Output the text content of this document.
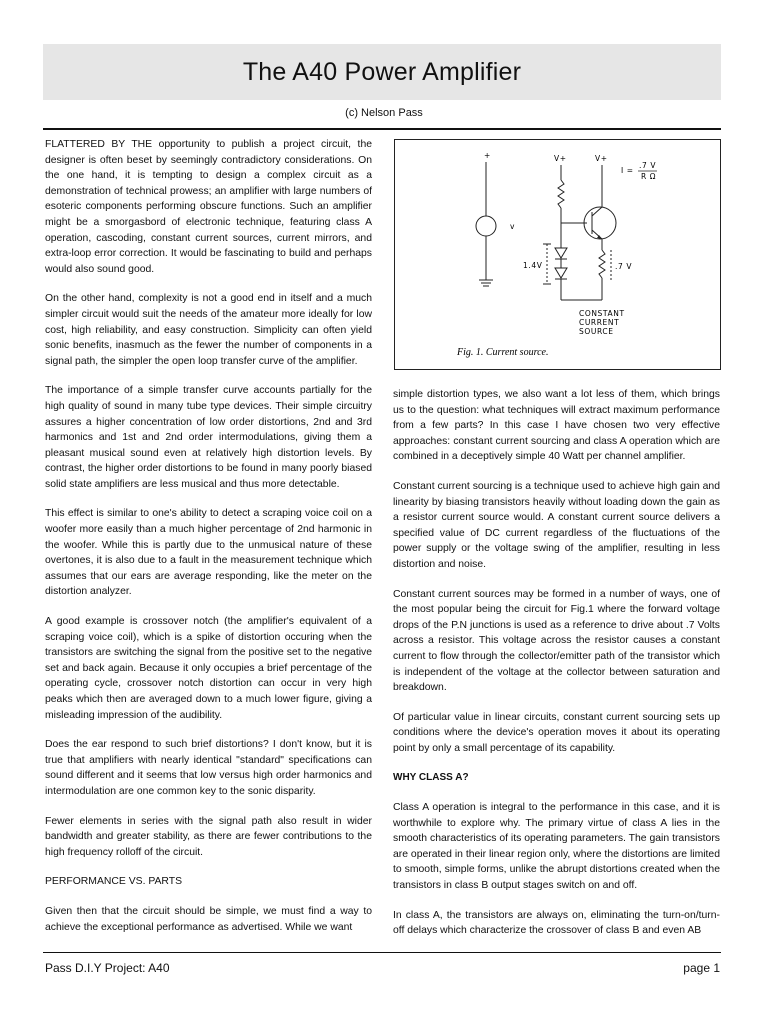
The A40 Power Amplifier
(c) Nelson Pass

FLATTERED BY THE opportunity to publish a project circuit, the designer is often beset by seemingly contradictory considerations. On the one hand, it is tempting to design a complex circuit as a demonstration of technical prowess; an amplifier with large numbers of esoteric components performing obscure functions. Such an amplifier might be a smorgasbord of electronic technique, featuring class A operation, cascoding, constant current sources, current mirrors, and extra-loop error correction. It would be fascinating to build and perhaps would also sound good.

On the other hand, complexity is not a good end in itself and a much simpler circuit would suit the needs of the amateur more ideally for low cost, high reliability, and easy construction. Simplicity can often yield sonic benefits, inasmuch as the fewer the number of components in a signal path, the simpler the open loop transfer curve of the amplifier.

The importance of a simple transfer curve accounts partially for the high quality of sound in many tube type devices. Their simple circuitry assures a higher concentration of low order distortions, 2nd and 3rd harmonics and 1st and 2nd order intermodulations, giving them a pleasant musical sound even at relatively high distortion levels. By contrast, the higher order distortions to be found in many poorly biased solid state amplifiers are less musical and thus more detectable.

This effect is similar to one's ability to detect a scraping voice coil on a woofer more easily than a much higher percentage of 2nd harmonic in the woofer. While this is partly due to the unmusical nature of these overtones, it is also due to a fault in the measurement technique which assumes that our ears are average responding, like the meter on the distortion analyzer.

A good example is crossover notch (the amplifier's equivalent of a scraping voice coil), which is a spike of distortion occuring when the transistors are switching the signal from the positive set to the negative set and back again. Because it only occupies a brief percentage of the operating cycle, crossover notch distortion can occur in very high peaks which then are averaged down to a much lower figure, giving a misleading impression of the audibility.

Does the ear respond to such brief distortions? I don't know, but it is true that amplifiers with nearly identical "standard" specifications can sound different and it seems that low versus high order harmonics and intermodulation are one common key to the sonic disparity.

Fewer elements in series with the signal path also result in wider bandwidth and greater stability, as there are fewer contributions to the high frequency rolloff of the circuit.

PERFORMANCE VS. PARTS

Given then that the circuit should be simple, we must find a way to achieve the exceptional performance as advertised. While we want

+	V+	V+
I =
.7 V
R Ω
v
1.4V	.7 V
CONSTANT
CURRENT
SOURCE
Fig. 1. Current source.

simple distortion types, we also want a lot less of them, which brings us to the question: what techniques will extract maximum performance from a few parts? In this case I have chosen two very effective approaches: constant current sourcing and class A operation which are combined in a deceptively simple 40 Watt per channel amplifier.

Constant current sourcing is a technique used to achieve high gain and linearity by biasing transistors heavily without loading down the gain as a resistor current source would. A constant current source delivers a specified value of DC current regardless of the fluctuations of the power supply or the voltage swing of the amplifier, resulting in less distortion and noise.

Constant current sources may be formed in a number of ways, one of the most popular being the circuit for Fig.1 where the forward voltage drops of the P.N junctions is used as a reference to drive about .7 Volts across a resistor. This voltage across the resistor causes a constant current to flow through the collector/emitter path of the transistor which is independent of the voltage at the collector between saturation and breakdown.

Of particular value in linear circuits, constant current sourcing sets up conditions where the device's operation moves it about its operating point by only a small percentage of its capability.

WHY CLASS A?

Class A operation is integral to the performance in this case, and it is worthwhile to explore why. The primary virtue of class A lies in the smooth characteristics of its operating parameters. The gain transistors are operated in their linear region only, where the distortions are limited to smooth, simple forms, unlike the abrupt distortions created when the transistors in class B output stages switch on and off.

In class A, the transistors are always on, eliminating the turn-on/turn- off delays which characterize the crossover of class B and even AB

Pass D.I.Y Project: A40	page 1
